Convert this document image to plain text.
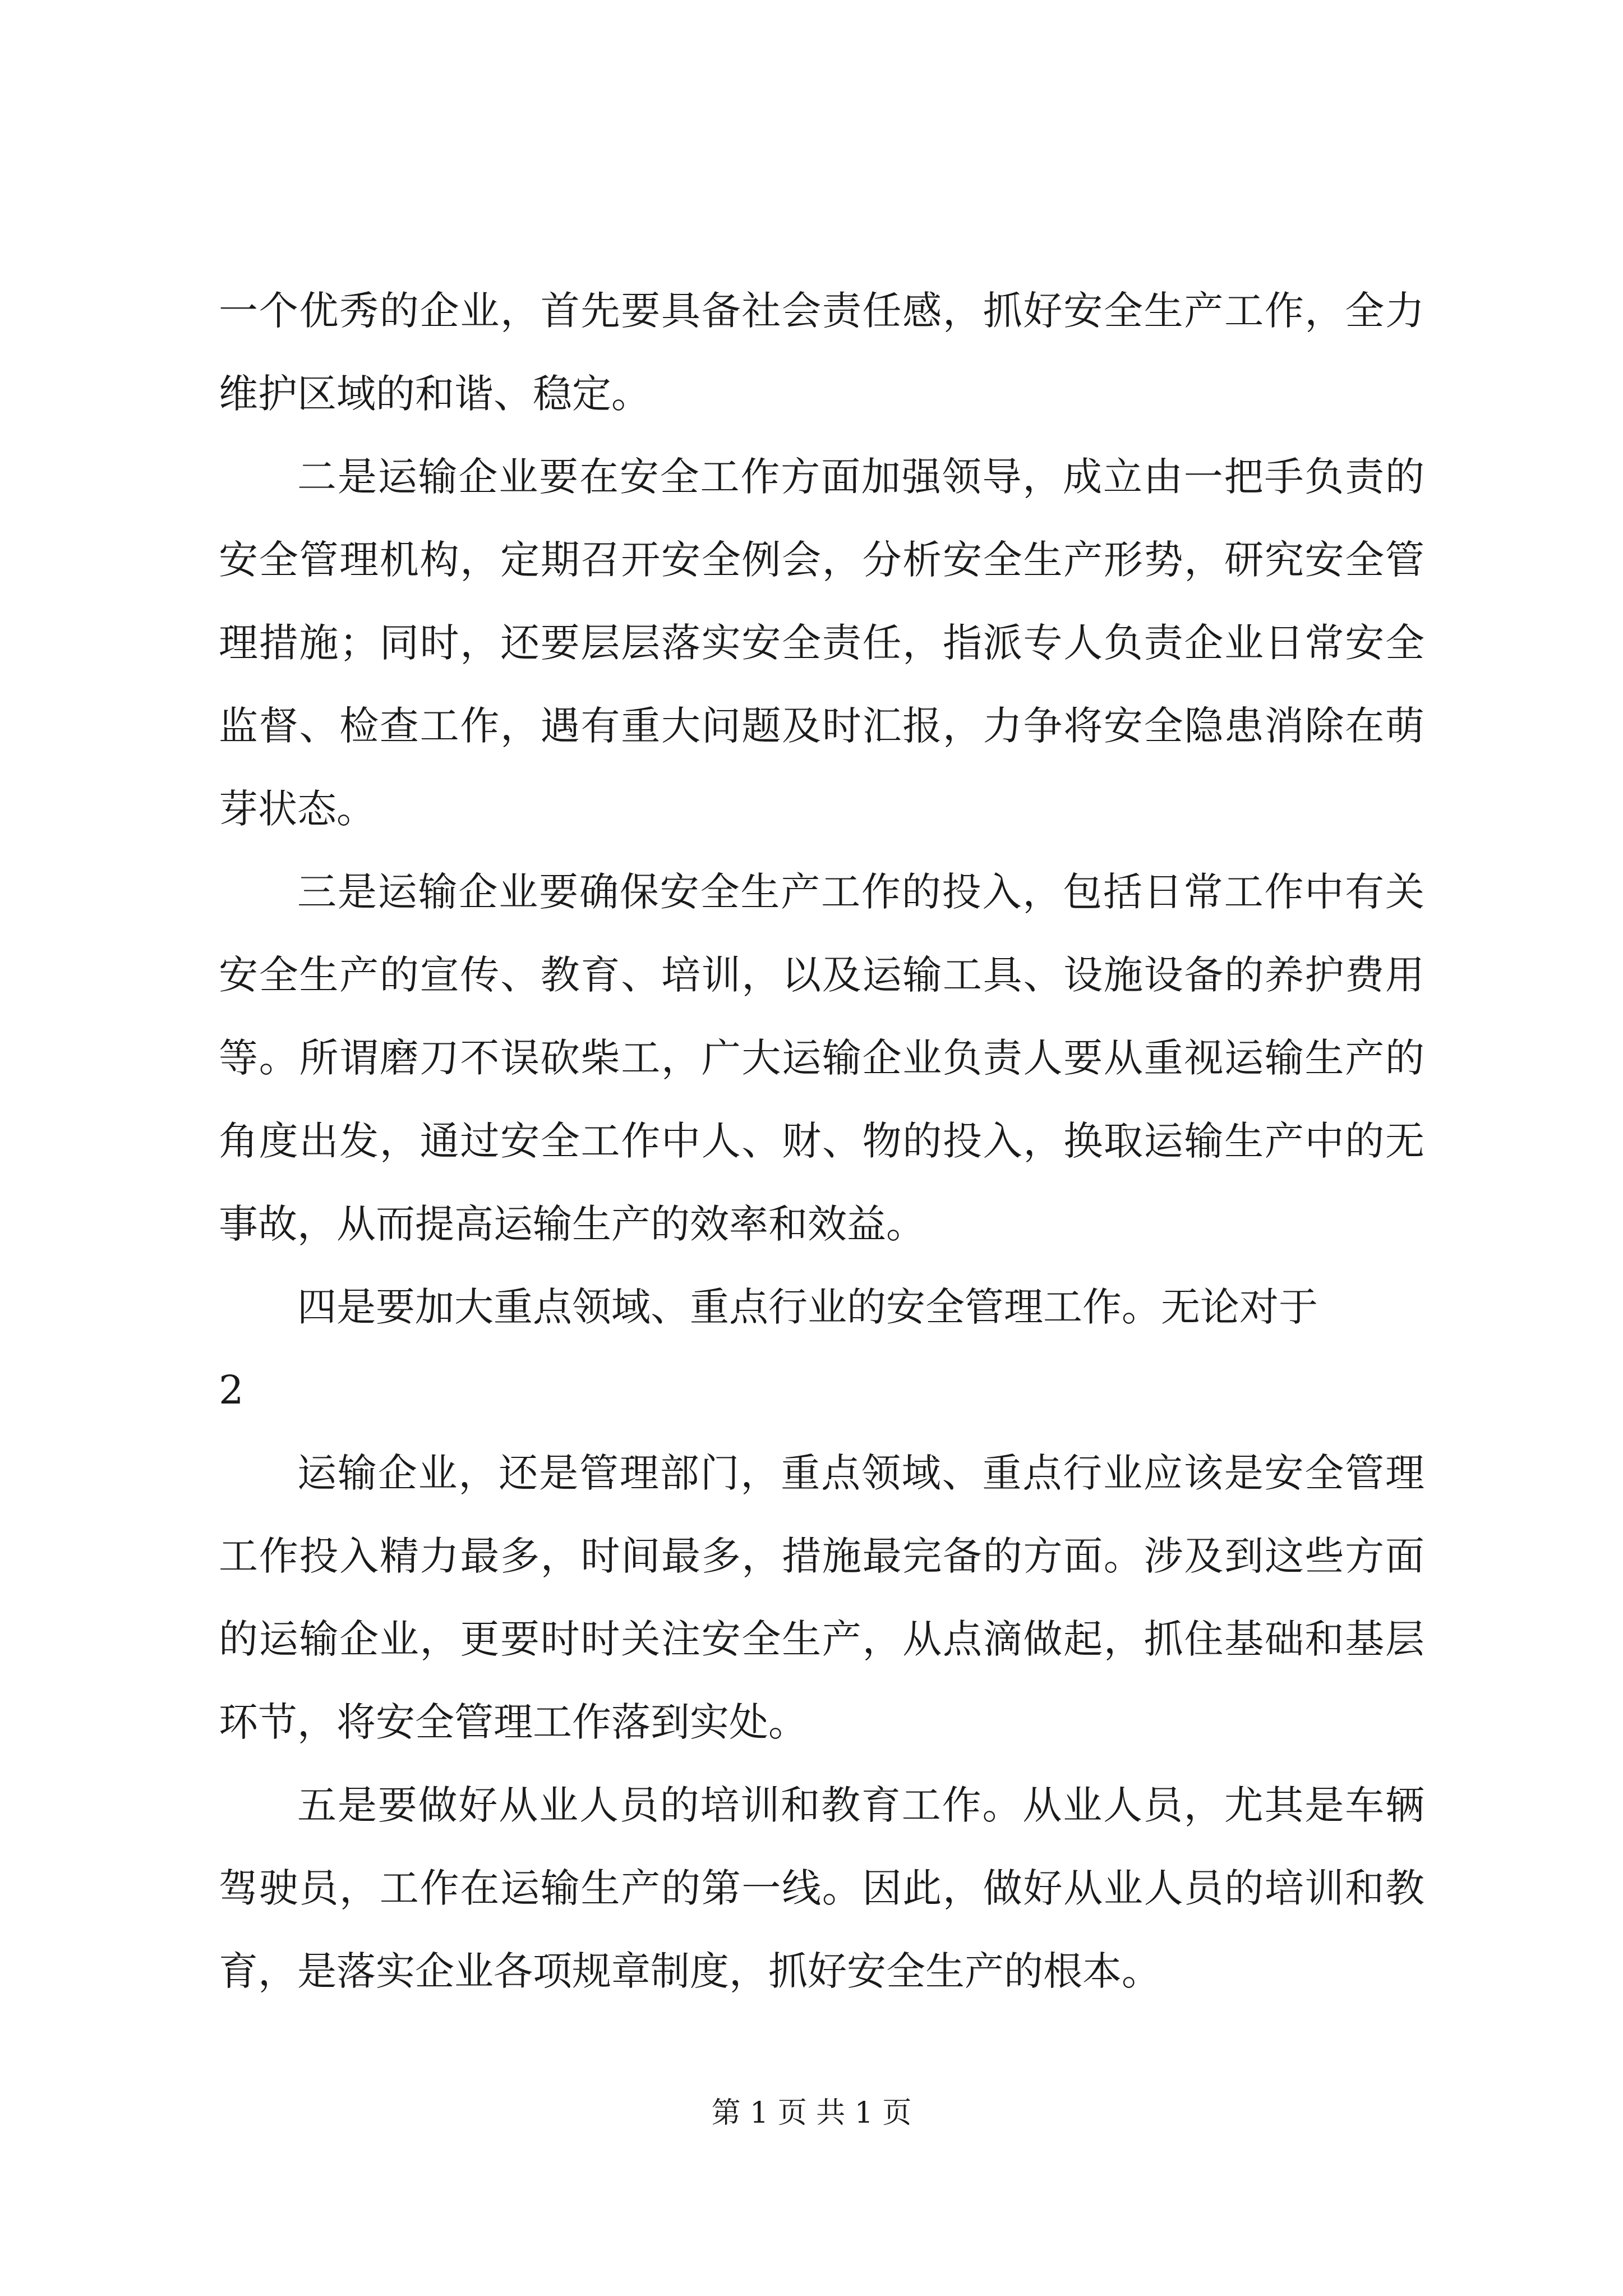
一个优秀的企业，首先要具备社会责任感，抓好安全生产工作，全力维护区域的和谐、稳定。

二是运输企业要在安全工作方面加强领导，成立由一把手负责的安全管理机构，定期召开安全例会，分析安全生产形势，研究安全管理措施；同时，还要层层落实安全责任，指派专人负责企业日常安全监督、检查工作，遇有重大问题及时汇报，力争将安全隐患消除在萌芽状态。

三是运输企业要确保安全生产工作的投入，包括日常工作中有关安全生产的宣传、教育、培训，以及运输工具、设施设备的养护费用等。所谓磨刀不误砍柴工，广大运输企业负责人要从重视运输生产的角度出发，通过安全工作中人、财、物的投入，换取运输生产中的无事故，从而提高运输生产的效率和效益。

四是要加大重点领域、重点行业的安全管理工作。无论对于

2

运输企业，还是管理部门，重点领域、重点行业应该是安全管理工作投入精力最多，时间最多，措施最完备的方面。涉及到这些方面的运输企业，更要时时关注安全生产，从点滴做起，抓住基础和基层环节，将安全管理工作落到实处。

五是要做好从业人员的培训和教育工作。从业人员，尤其是车辆驾驶员，工作在运输生产的第一线。因此，做好从业人员的培训和教育，是落实企业各项规章制度，抓好安全生产的根本。

第 1 页 共 1 页
